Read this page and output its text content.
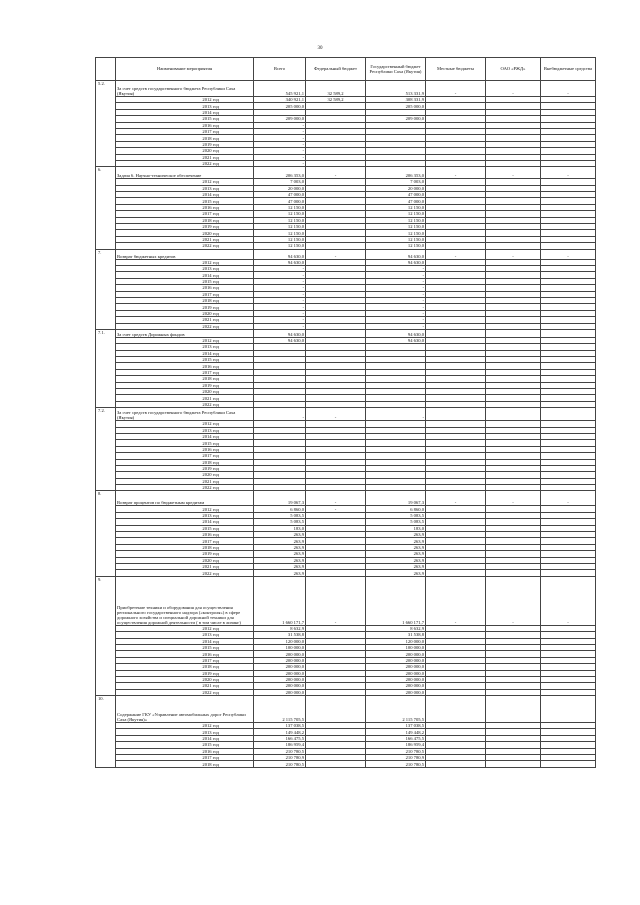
30
	Наименование мероприятия	Всего	Федеральный бюджет	Государственный бюджет Республики Саха (Якутия)	Местные бюджеты	ОАО «РЖД»	Внебюджетные средства
5.2.	За счет средств государственного бюджета Республики Саха (Якутия)	545 921,1	32 589,2	513 331,9	-	-	-
	2012 год	340 921,1	32 589,2	308 331,9			
	2013 год	205 000,0		205 000,0			
	2014 год						
	2015 год	209 000,0		209 000,0			
	2016 год	-					
	2017 год	-					
	2018 год	-					
	2019 год	-					
	2020 год	-					
	2021 год	-					
	2022 год	-					
6.	Задача 6. Научно-техническое обеспечение	206 353,0	-	206 353,0	-	-	-
	2012 год	7 003,0		7 003,0			
	2013 год	20 000,0		20 000,0			
	2014 год	47 000,0		47 000,0			
	2015 год	47 000,0		47 000,0			
	2016 год	12 150,0		12 150,0			
	2017 год	12 150,0		12 150,0			
	2018 год	12 150,0		12 150,0			
	2019 год	12 150,0		12 150,0			
	2020 год	12 150,0		12 150,0			
	2021 год	12 150,0		12 150,0			
	2022 год	12 150,0		12 150,0			
7.	Возврат бюджетных кредитов	94 630,0	-	94 630,0	-	-	-
	2012 год	94 630,0		94 630,0			
	2013 год	-		-			
	2014 год	-		-			
	2015 год	-		-			
	2016 год	-		-			
	2017 год	-		-			
	2018 год	-		-			
	2019 год	-		-			
	2020 год	-		-			
	2021 год	-		-			
	2022 год	-		-			
7.1.	За счет средств Дорожных фондов	94 630,0		94 630,0			
	2012 год	94 630,0		94 630,0			
	2013 год						
	2014 год						
	2015 год						
	2016 год						
	2017 год						
	2018 год						
	2019 год						
	2020 год						
	2021 год						
	2022 год						
7.2.	За счет средств государственного бюджета Республики Саха (Якутия)	-	-	-			
	2012 год						
	2013 год						
	2014 год						
	2015 год						
	2016 год						
	2017 год						
	2018 год						
	2019 год						
	2020 год						
	2021 год						
	2022 год						
8.	Возврат процентов по бюджетным кредитам	19 067,3	-	19 067,3	-	-	-
	2012 год	6 860,0	-	6 860,0			
	2013 год	5 083,5		5 083,5			
	2014 год	5 083,5		5 083,5			
	2015 год	183,0		183,0			
	2016 год	263,9		263,9			
	2017 год	263,9		263,9			
	2018 год	263,9		263,9			
	2019 год	263,9		263,9			
	2020 год	263,9		263,9			
	2021 год	263,9		263,9			
	2022 год	263,9		263,9			
9.	Приобретение техники и оборудования для осуществления регионального государственного надзора («контроля») в сфере дорожного хозяйства и специальной дорожной техники для осуществления дорожной деятельности ( в том числе в лизинг)	1 660 171,7	-	1 660 171,7	-	-	-
	2012 год	8 632,9		8 632,9			
	2013 год	31 538,8		31 538,8			
	2014 год	120 000,0		120 000,0			
	2015 год	100 000,0		100 000,0			
	2016 год	200 000,0		200 000,0			
	2017 год	200 000,0		200 000,0			
	2018 год	200 000,0		200 000,0			
	2019 год	200 000,0		200 000,0			
	2020 год	200 000,0		200 000,0			
	2021 год	200 000,0		200 000,0			
	2022 год	200 000,0		200 000,0			
10.	Содержание ГКУ «Управление автомобильных дорог Республики Саха (Якутия)»	2 115 705,5		2 115 705,5			
	2012 год	137 038,5		137 038,5			
	2013 год	149 448,2		149 448,2			
	2014 год	166 475,5		166 475,5			
	2015 год	186 959,4		186 959,4			
	2016 год	210 780,5		210 780,5			
	2017 год	210 780,9		210 780,9			
	2018 год	210 780,5		210 780,5			
